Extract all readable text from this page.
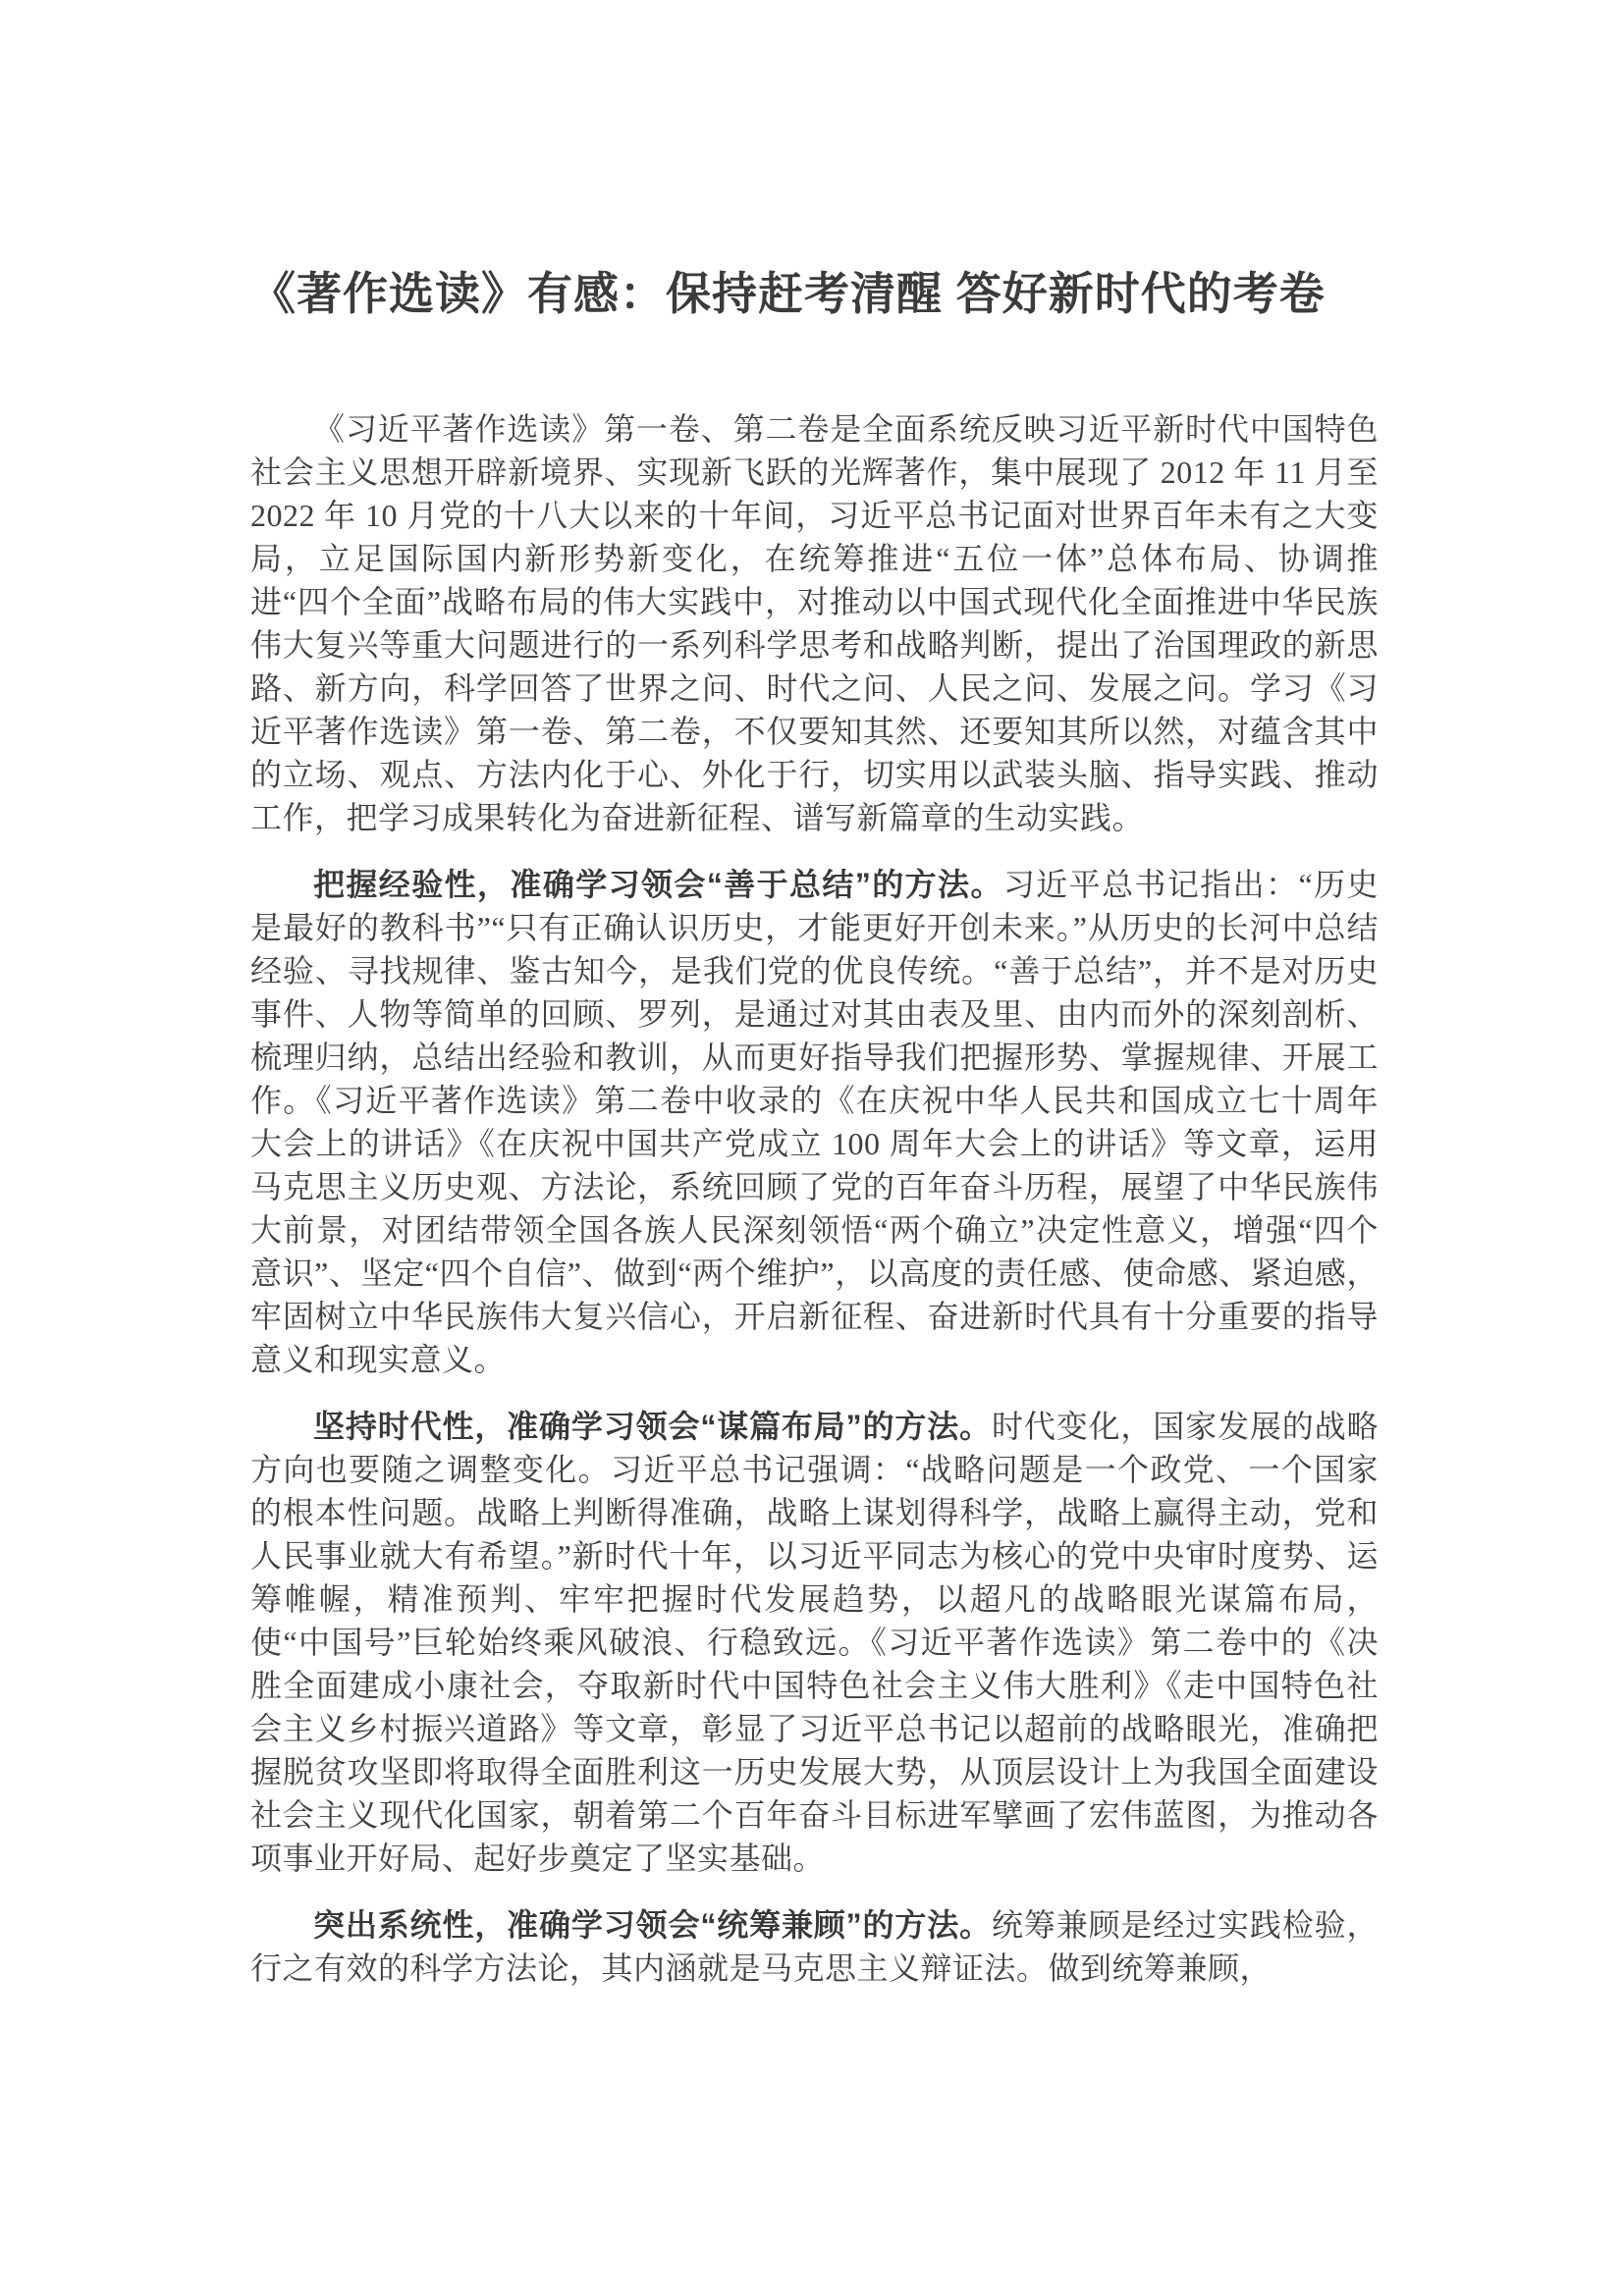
《著作选读》有感：保持赶考清醒 答好新时代的考卷

《习近平著作选读》第一卷、第二卷是全面系统反映习近平新时代中国特色社会主义思想开辟新境界、实现新飞跃的光辉著作，集中展现了 2012 年 11 月至 2022 年 10 月党的十八大以来的十年间，习近平总书记面对世界百年未有之大变局，立足国际国内新形势新变化，在统筹推进“五位一体”总体布局、协调推进“四个全面”战略布局的伟大实践中，对推动以中国式现代化全面推进中华民族伟大复兴等重大问题进行的一系列科学思考和战略判断，提出了治国理政的新思路、新方向，科学回答了世界之问、时代之问、人民之问、发展之问。学习《习近平著作选读》第一卷、第二卷，不仅要知其然、还要知其所以然，对蕴含其中的立场、观点、方法内化于心、外化于行，切实用以武装头脑、指导实践、推动工作，把学习成果转化为奋进新征程、谱写新篇章的生动实践。

把握经验性，准确学习领会“善于总结”的方法。习近平总书记指出：“历史是最好的教科书”“只有正确认识历史，才能更好开创未来。”从历史的长河中总结经验、寻找规律、鉴古知今，是我们党的优良传统。“善于总结”，并不是对历史事件、人物等简单的回顾、罗列，是通过对其由表及里、由内而外的深刻剖析、梳理归纳，总结出经验和教训，从而更好指导我们把握形势、掌握规律、开展工作。《习近平著作选读》第二卷中收录的《在庆祝中华人民共和国成立七十周年大会上的讲话》《在庆祝中国共产党成立 100 周年大会上的讲话》等文章，运用马克思主义历史观、方法论，系统回顾了党的百年奋斗历程，展望了中华民族伟大前景，对团结带领全国各族人民深刻领悟“两个确立”决定性意义，增强“四个意识”、坚定“四个自信”、做到“两个维护”，以高度的责任感、使命感、紧迫感，牢固树立中华民族伟大复兴信心，开启新征程、奋进新时代具有十分重要的指导意义和现实意义。

坚持时代性，准确学习领会“谋篇布局”的方法。时代变化，国家发展的战略方向也要随之调整变化。习近平总书记强调：“战略问题是一个政党、一个国家的根本性问题。战略上判断得准确，战略上谋划得科学，战略上赢得主动，党和人民事业就大有希望。”新时代十年，以习近平同志为核心的党中央审时度势、运筹帷幄，精准预判、牢牢把握时代发展趋势，以超凡的战略眼光谋篇布局，使“中国号”巨轮始终乘风破浪、行稳致远。《习近平著作选读》第二卷中的《决胜全面建成小康社会，夺取新时代中国特色社会主义伟大胜利》《走中国特色社会主义乡村振兴道路》等文章，彰显了习近平总书记以超前的战略眼光，准确把握脱贫攻坚即将取得全面胜利这一历史发展大势，从顶层设计上为我国全面建设社会主义现代化国家，朝着第二个百年奋斗目标进军擘画了宏伟蓝图，为推动各项事业开好局、起好步奠定了坚实基础。

突出系统性，准确学习领会“统筹兼顾”的方法。统筹兼顾是经过实践检验，行之有效的科学方法论，其内涵就是马克思主义辩证法。做到统筹兼顾，
